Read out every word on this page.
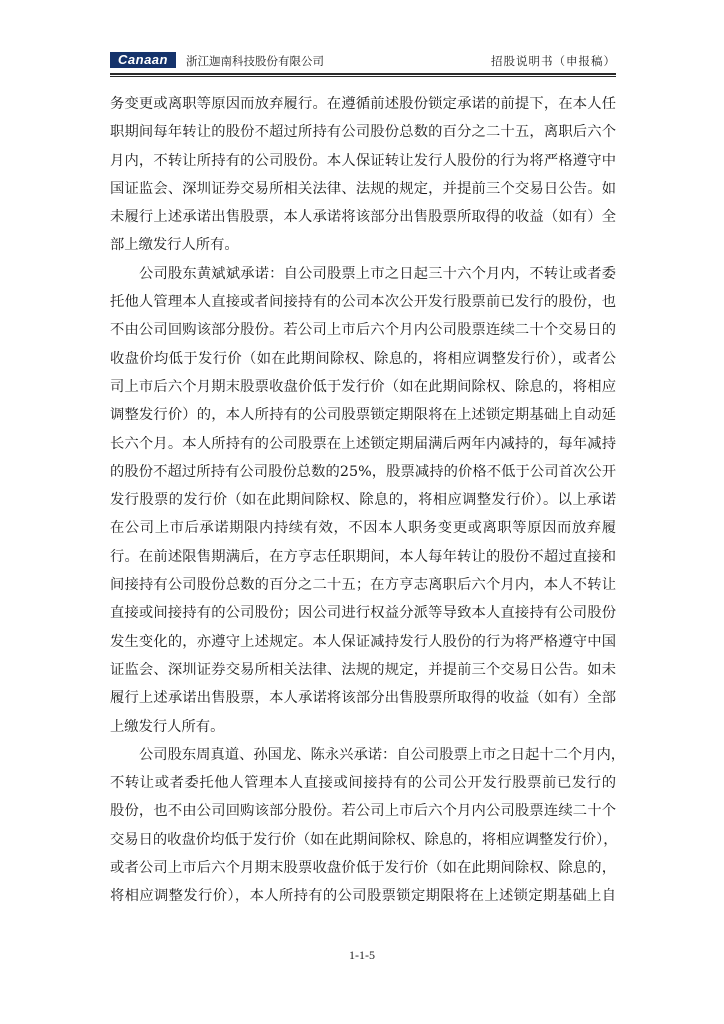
Canaan	浙江迦南科技股份有限公司	招股说明书（申报稿）
务变更或离职等原因而放弃履行。在遵循前述股份锁定承诺的前提下，在本人任
职期间每年转让的股份不超过所持有公司股份总数的百分之二十五，离职后六个
月内，不转让所持有的公司股份。本人保证转让发行人股份的行为将严格遵守中
国证监会、深圳证券交易所相关法律、法规的规定，并提前三个交易日公告。如
未履行上述承诺出售股票，本人承诺将该部分出售股票所取得的收益（如有）全
部上缴发行人所有。
公司股东黄斌斌承诺：自公司股票上市之日起三十六个月内，不转让或者委
托他人管理本人直接或者间接持有的公司本次公开发行股票前已发行的股份，也
不由公司回购该部分股份。若公司上市后六个月内公司股票连续二十个交易日的
收盘价均低于发行价（如在此期间除权、除息的，将相应调整发行价），或者公
司上市后六个月期末股票收盘价低于发行价（如在此期间除权、除息的，将相应
调整发行价）的，本人所持有的公司股票锁定期限将在上述锁定期基础上自动延
长六个月。本人所持有的公司股票在上述锁定期届满后两年内减持的，每年减持
的股份不超过所持有公司股份总数的25%，股票减持的价格不低于公司首次公开
发行股票的发行价（如在此期间除权、除息的，将相应调整发行价）。以上承诺
在公司上市后承诺期限内持续有效，不因本人职务变更或离职等原因而放弃履
行。在前述限售期满后，在方亨志任职期间，本人每年转让的股份不超过直接和
间接持有公司股份总数的百分之二十五；在方亨志离职后六个月内，本人不转让
直接或间接持有的公司股份；因公司进行权益分派等导致本人直接持有公司股份
发生变化的，亦遵守上述规定。本人保证减持发行人股份的行为将严格遵守中国
证监会、深圳证券交易所相关法律、法规的规定，并提前三个交易日公告。如未
履行上述承诺出售股票，本人承诺将该部分出售股票所取得的收益（如有）全部
上缴发行人所有。
公司股东周真道、孙国龙、陈永兴承诺：自公司股票上市之日起十二个月内，
不转让或者委托他人管理本人直接或间接持有的公司公开发行股票前已发行的
股份，也不由公司回购该部分股份。若公司上市后六个月内公司股票连续二十个
交易日的收盘价均低于发行价（如在此期间除权、除息的，将相应调整发行价），
或者公司上市后六个月期末股票收盘价低于发行价（如在此期间除权、除息的，
将相应调整发行价），本人所持有的公司股票锁定期限将在上述锁定期基础上自
1-1-5
